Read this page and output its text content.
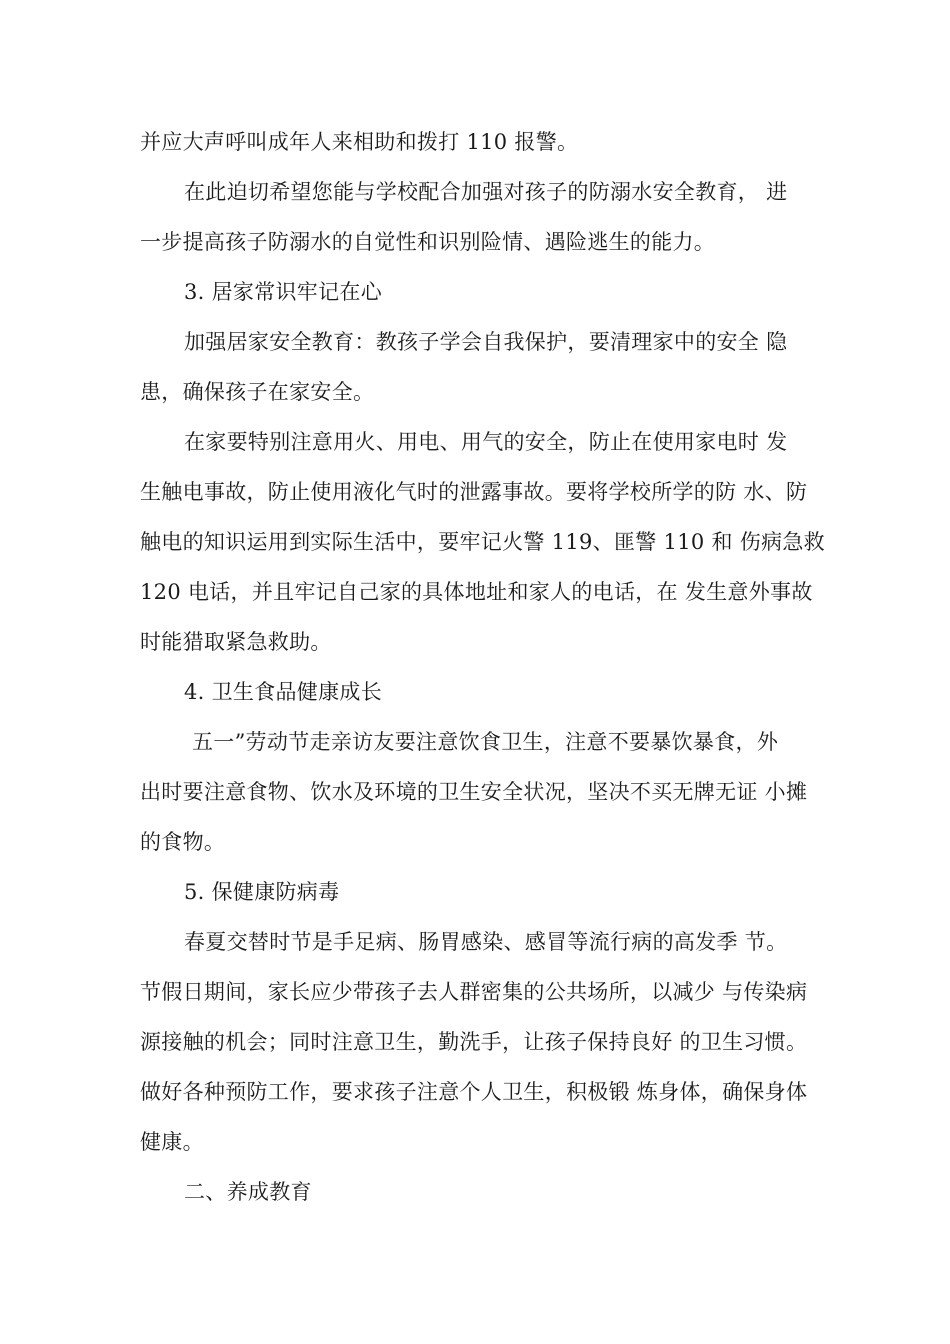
并应大声呼叫成年人来相助和拨打 110 报警。
在此迫切希望您能与学校配合加强对孩子的防溺水安全教育， 进
一步提高孩子防溺水的自觉性和识别险情、遇险逃生的能力。
3. 居家常识牢记在心
加强居家安全教育：教孩子学会自我保护，要清理家中的安全 隐
患，确保孩子在家安全。
在家要特别注意用火、用电、用气的安全，防止在使用家电时 发
生触电事故，防止使用液化气时的泄露事故。要将学校所学的防 水、防
触电的知识运用到实际生活中，要牢记火警 119、匪警 110 和 伤病急救
120 电话，并且牢记自己家的具体地址和家人的电话，在 发生意外事故
时能猎取紧急救助。
4. 卫生食品健康成长
五一”劳动节走亲访友要注意饮食卫生，注意不要暴饮暴食，外
出时要注意食物、饮水及环境的卫生安全状况，坚决不买无牌无证 小摊
的食物。
5. 保健康防病毒
春夏交替时节是手足病、肠胃感染、感冒等流行病的高发季 节。
节假日期间，家长应少带孩子去人群密集的公共场所，以减少 与传染病
源接触的机会；同时注意卫生，勤洗手，让孩子保持良好 的卫生习惯。
做好各种预防工作，要求孩子注意个人卫生，积极锻 炼身体，确保身体
健康。
二、养成教育
